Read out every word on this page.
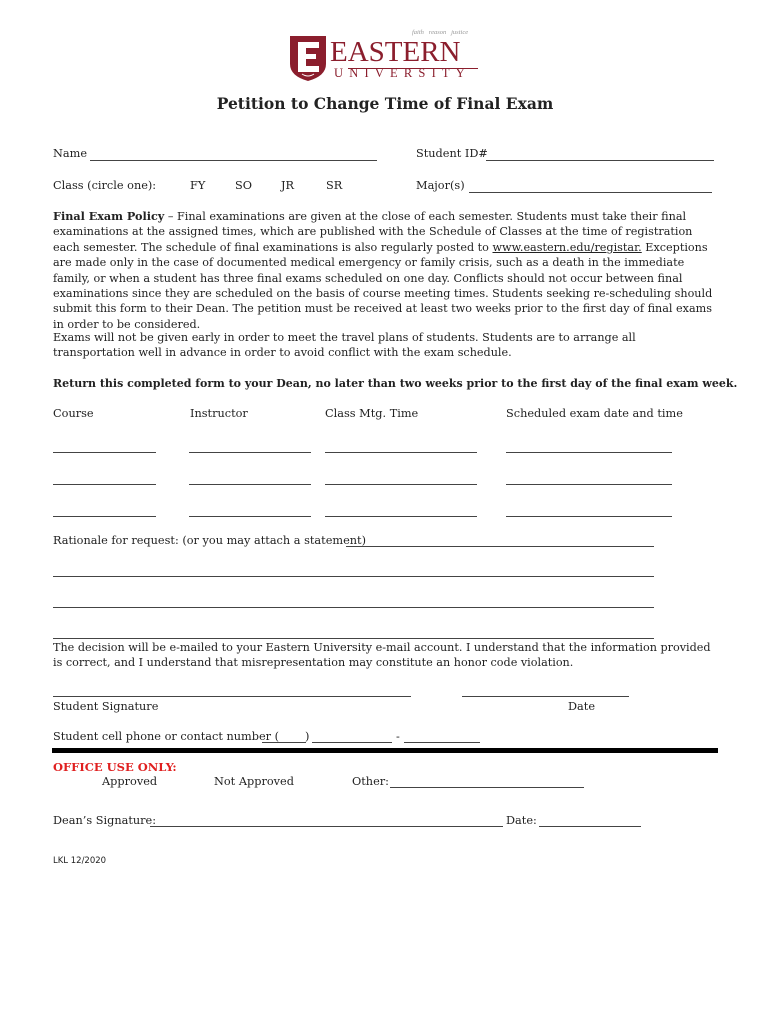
faith   reason   justice
EASTERN
UNIVERSITY
Petition to Change Time of Final Exam
Name	Student ID#
Class (circle one):	FY	SO	JR	SR	Major(s)
Final Exam Policy – Final examinations are given at the close of each semester. Students must take their final examinations at the assigned times, which are published with the Schedule of Classes at the time of registration each semester. The schedule of final examinations is also regularly posted to www.eastern.edu/registar. Exceptions are made only in the case of documented medical emergency or family crisis, such as a death in the immediate family, or when a student has three final exams scheduled on one day. Conflicts should not occur between final examinations since they are scheduled on the basis of course meeting times. Students seeking re-scheduling should submit this form to their Dean. The petition must be received at least two weeks prior to the first day of final exams in order to be considered.
Exams will not be given early in order to meet the travel plans of students. Students are to arrange all transportation well in advance in order to avoid conflict with the exam schedule.
Return this completed form to your Dean, no later than two weeks prior to the first day of the final exam week.
Course	Instructor	Class Mtg. Time	Scheduled exam date and time
Rationale for request: (or you may attach a statement)
The decision will be e-mailed to your Eastern University e-mail account. I understand that the information provided is correct, and I understand that misrepresentation may constitute an honor code violation.
Student Signature	Date
Student cell phone or contact number ( )	-
OFFICE USE ONLY:
Approved	Not Approved	Other:
Dean’s Signature:	Date:
LKL 12/2020
